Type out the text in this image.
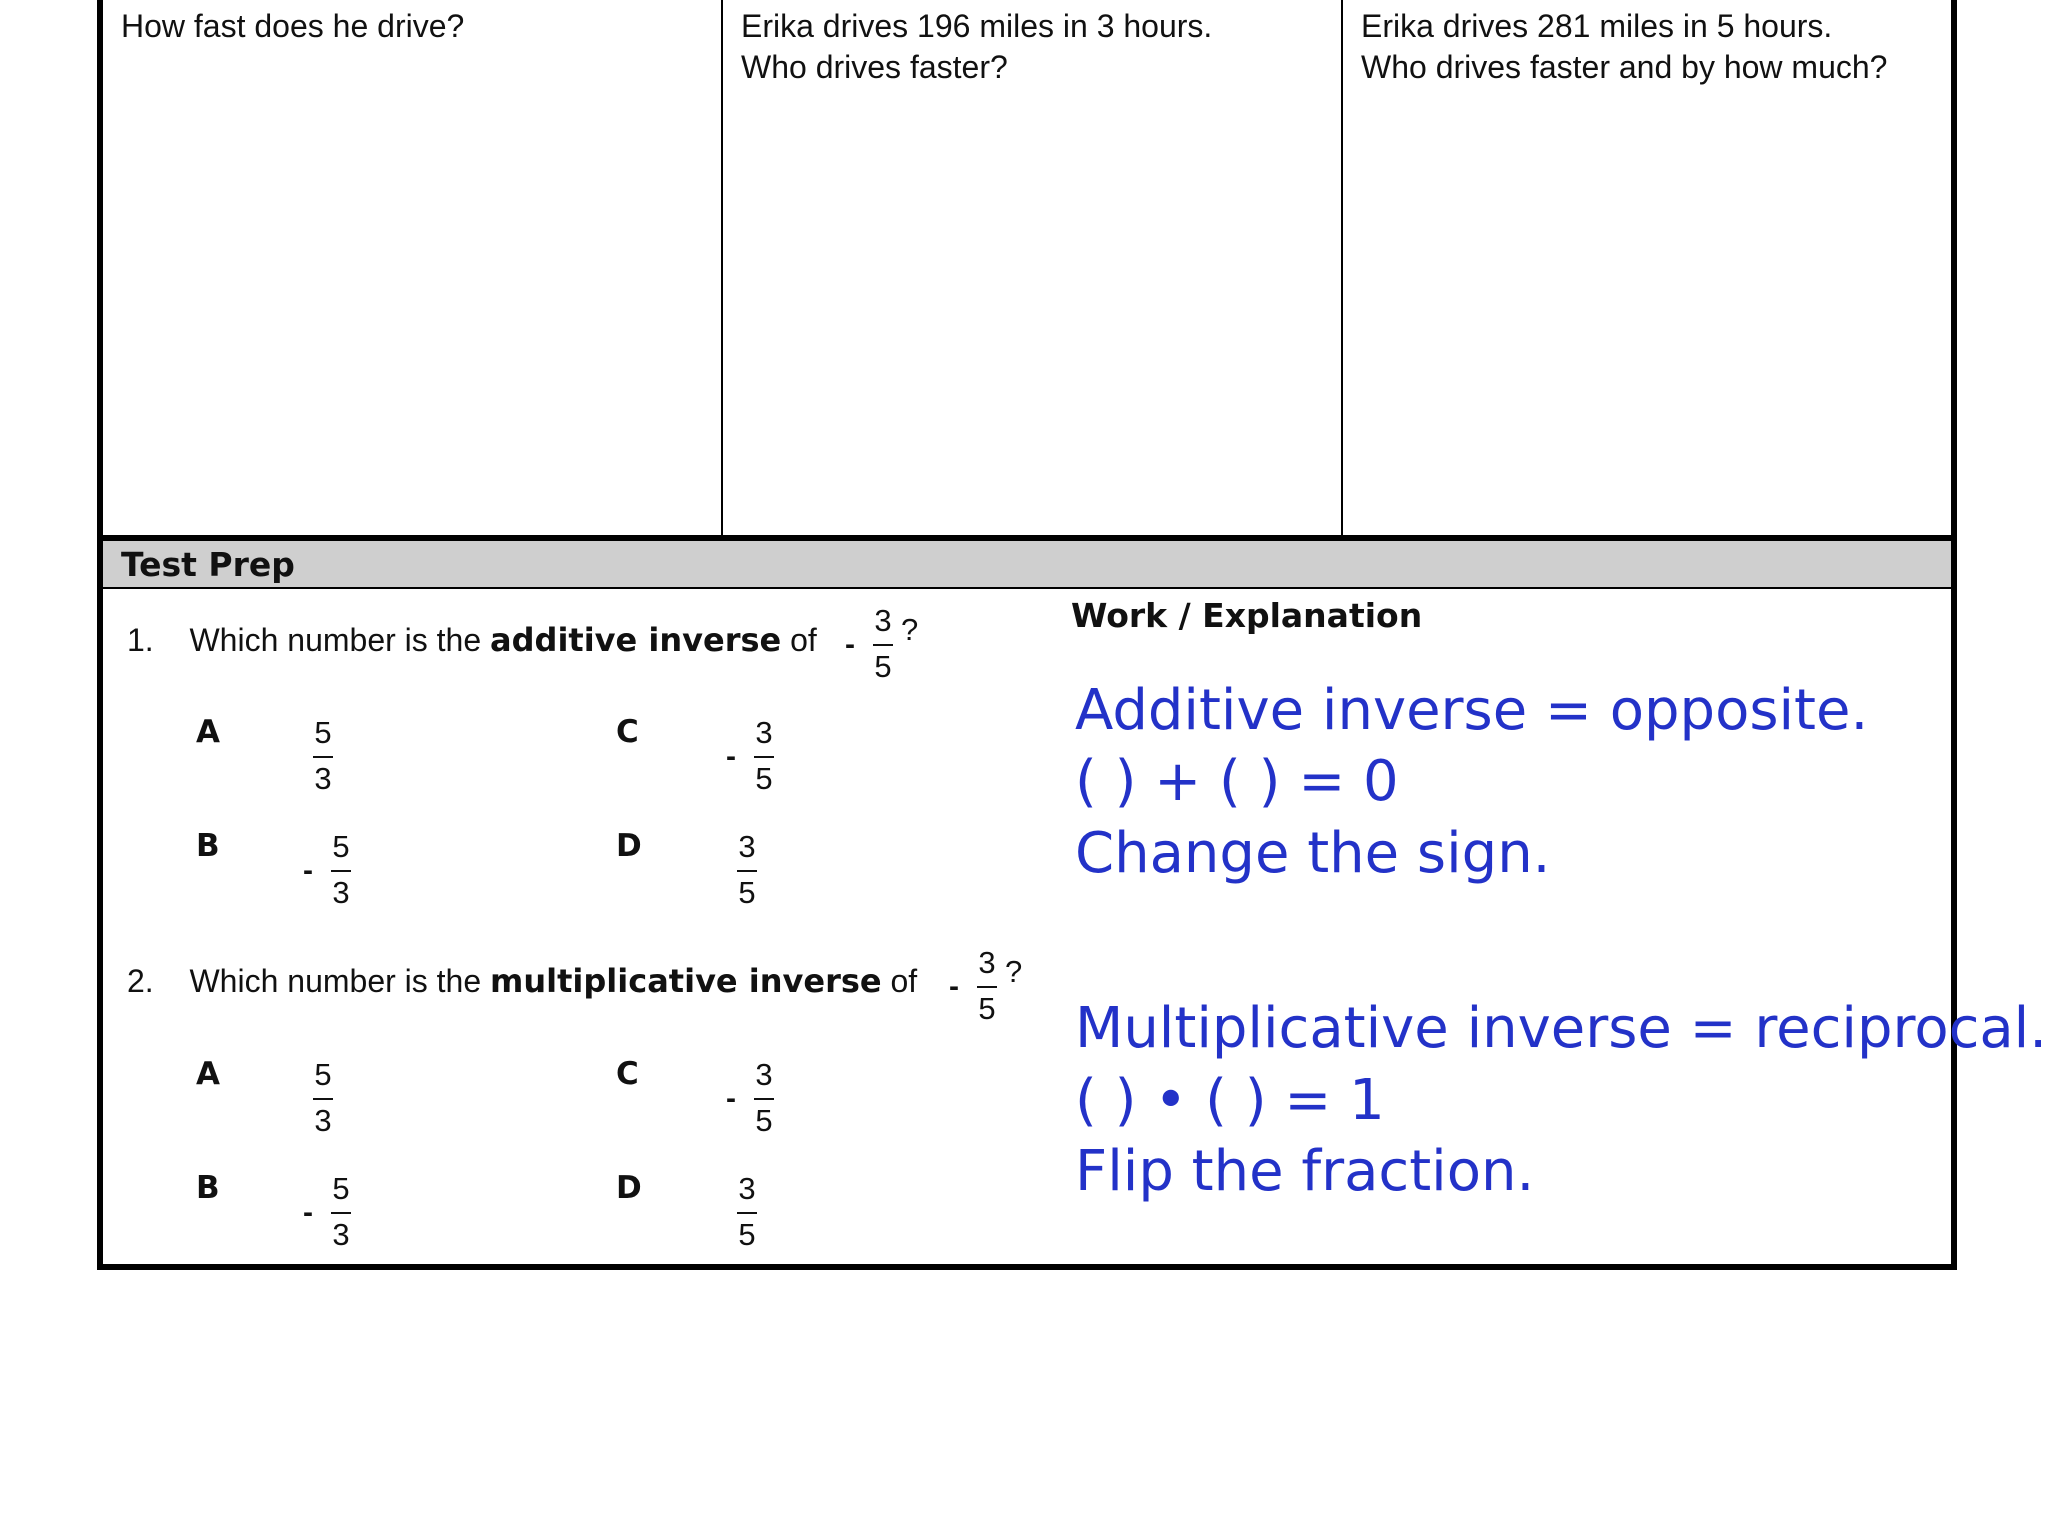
How fast does he drive?	Erika drives 196 miles in 3 hours.
Who drives faster?
Erika drives 281 miles in 5 hours.
Who drives faster and by how much?
Test Prep
1. Which number is the additive inverse of -
3
5
?
A	5
3
B
-
5
3
C
-
3
5
D	3
5
2. Which number is the multiplicative inverse of -
3
5
?
A	5
3
B
-
5
3
C
-
3
5
D	3
5
Work / Explanation
Additive inverse = opposite.
( ) + ( ) = 0
Change the sign.
Multiplicative inverse = reciprocal.
( ) • ( ) = 1
Flip the fraction.
